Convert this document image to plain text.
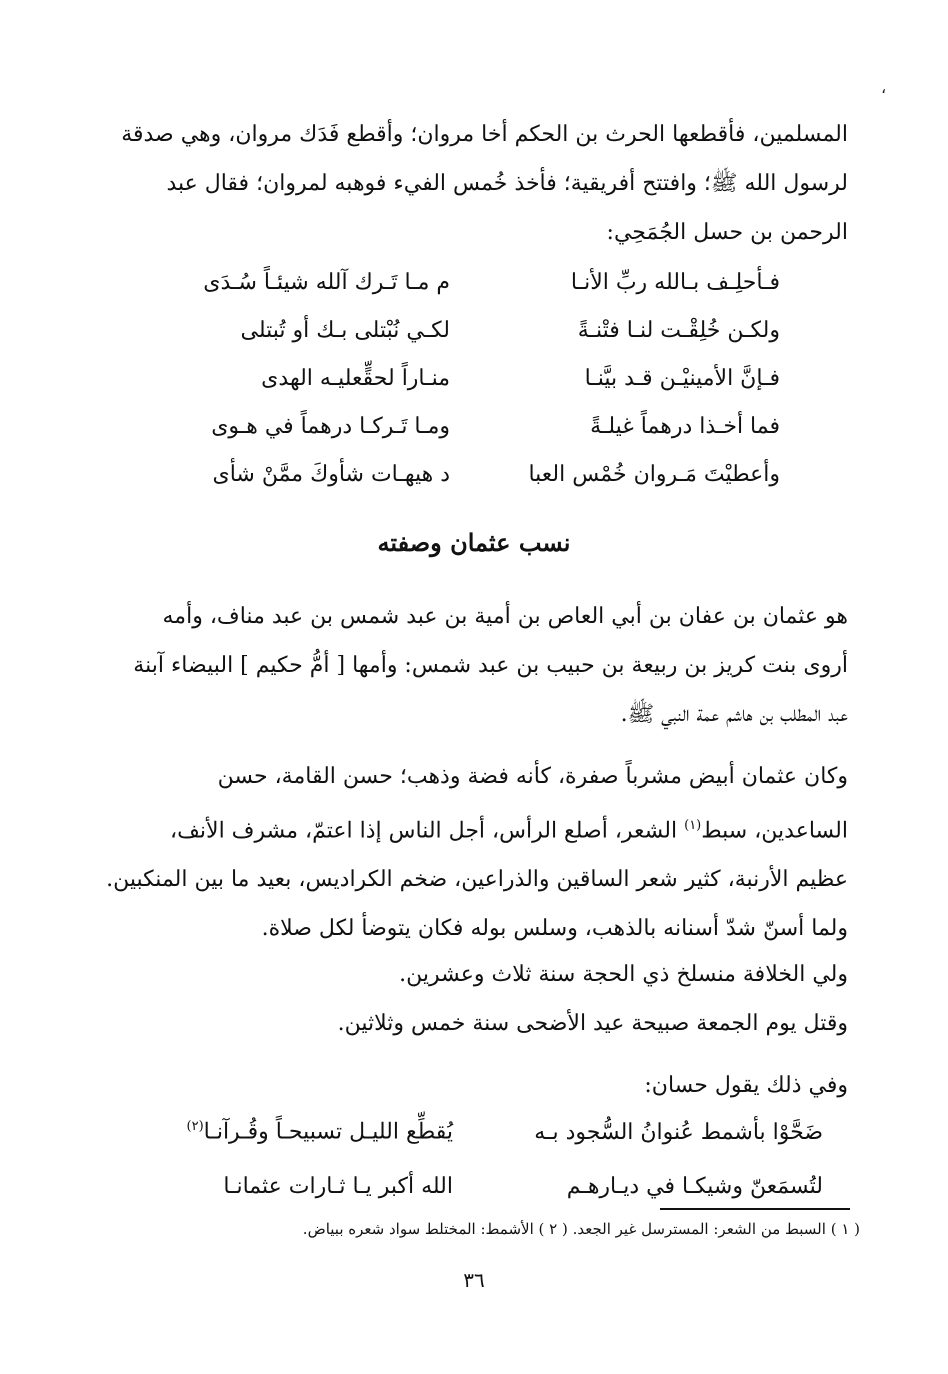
،
المسلمين، فأقطعها الحرث بن الحكم أخا مروان؛ وأقطع فَدَك مروان، وهي صدقة
لرسول الله ﷺ؛ وافتتح أفريقية؛ فأخذ خُمس الفيء فوهبه لمروان؛ فقال عبد
الرحمن بن حسل الجُمَحِي:
فـأحلِـف بـالله ربِّ الأنـا
م مـا تَـرك آلله شيئـاً سُـدَى
ولكـن خُلِقْـت لنـا فتْنـةً
لكـي نُبْتلى بـك أو تُبتلى
فـإنَّ الأمينيْـن قـد بيَّنـا
منـاراً لحقٍّعليـه الهدى
فما أخـذا درهماً غيلـةً
ومـا تَـركـا درهماً في هـوى
وأعطيْتَ مَـروان خُمْس العبا
د هيهـات شأوكَ ممَّنْ شأى
نسب عثمان وصفته
هو عثمان بن عفان بن أبي العاص بن أمية بن عبد شمس بن عبد مناف، وأمه
أروى بنت كريز بن ربيعة بن حبيب بن عبد شمس: وأمها [ أمُّ حكيم ] البيضاء آبنة
عبد المطلب بن هاشم عمة النبي ﷺ.
وكان عثمان أبيض مشرباً صفرة، كأنه فضة وذهب؛ حسن القامة، حسن
الساعدين، سبط$^{(١)}$ الشعر، أصلع الرأس، أجل الناس إذا اعتمّ، مشرف الأنف،
عظيم الأرنبة، كثير شعر الساقين والذراعين، ضخم الكراديس، بعيد ما بين المنكبين.
ولما أسنّ شدّ أسنانه بالذهب، وسلس بوله فكان يتوضأ لكل صلاة.
ولي الخلافة منسلخ ذي الحجة سنة ثلاث وعشرين.
وقتل يوم الجمعة صبيحة عيد الأضحى سنة خمس وثلاثين.
وفي ذلك يقول حسان:
ضَحَّوْا بأشمط عُنوانُ السُّجود بـه
يُقطِّع الليـل تسبيحـاً وقُـرآنـا$^{(٢)}$
لتُسمَعنّ وشيكـا في ديـارهـم
الله أكبر يـا ثـارات عثمانـا
( ١ ) السبط من الشعر: المسترسل غير الجعد. ( ٢ ) الأشمط: المختلط سواد شعره ببياض.
٣٦
